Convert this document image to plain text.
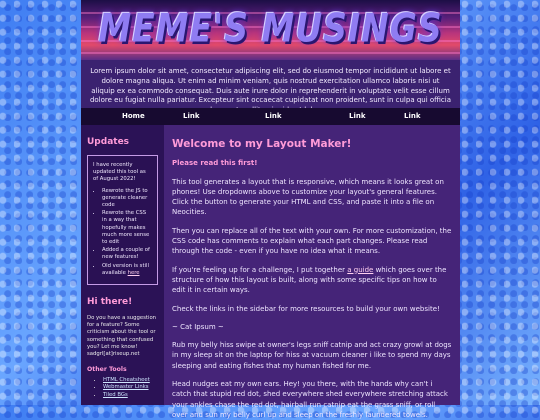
MEME'S MUSINGS
Lorem ipsum dolor sit amet, consectetur adipiscing elit, sed do eiusmod tempor incididunt ut labore et dolore magna aliqua. Ut enim ad minim veniam, quis nostrud exercitation ullamco laboris nisi ut aliquip ex ea commodo consequat. Duis aute irure dolor in reprehenderit in voluptate velit esse cillum dolore eu fugiat nulla pariatur. Excepteur sint occaecat cupidatat non proident, sunt in culpa qui officia
Home	Link	Link	Link	Link
Updates
I have recently updated this tool as of August 2022!
• Rewrote the JS to generate cleaner code
• Rewrote the CSS in a way that hopefully makes much more sense to edit
• Added a couple of new features!
• Old version is still available here
Hi there!
Do you have a suggestion for a feature? Some criticism about the tool or something that confused you? Let me know! sadgrl[at]riseup.net
Other Tools
• HTML Cheatsheet
• Webmaster Links
• Tiled BGs
Welcome to my Layout Maker!

Please read this first!

This tool generates a layout that is responsive, which means it looks great on phones! Use dropdowns above to customize your layout's general features. Click the button to generate your HTML and CSS, and paste it into a file on Neocities.

Then you can replace all of the text with your own. For more customization, the CSS code has comments to explain what each part changes. Please read through the code - even if you have no idea what it means.

If you're feeling up for a challenge, I put together a guide which goes over the structure of how this layout is built, along with some specific tips on how to edit it in certain ways.

Check the links in the sidebar for more resources to build your own website!

~ Cat Ipsum ~

Rub my belly hiss swipe at owner's legs sniff catnip and act crazy growl at dogs in my sleep sit on the laptop for hiss at vacuum cleaner i like to spend my days sleeping and eating fishes that my human fished for me.

Head nudges eat my own ears. Hey! you there, with the hands why can't i catch that stupid red dot, shed everywhere shed everywhere stretching attack your ankles chase the red dot, hairball run catnip eat the grass sniff, or roll over and sun my belly curl up and sleep on the freshly laundered towels.
